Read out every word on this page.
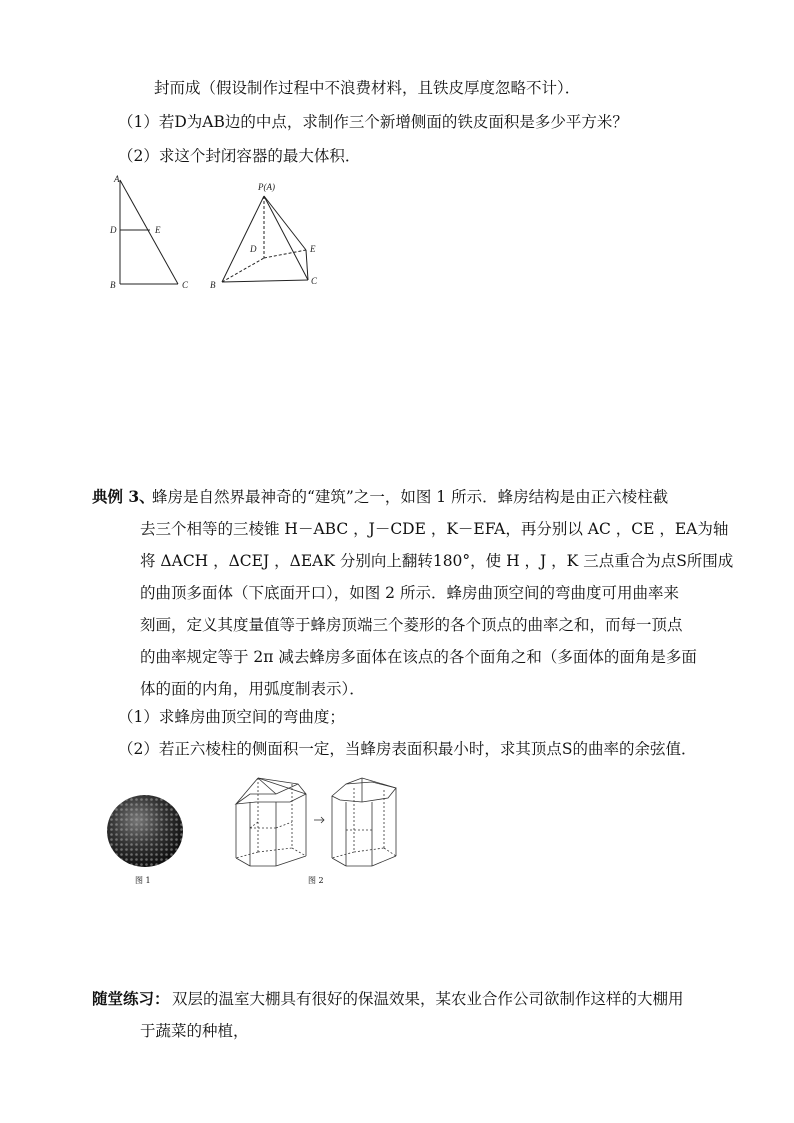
封而成（假设制作过程中不浪费材料，且铁皮厚度忽略不计）．
（1）若D为AB边的中点，求制作三个新增侧面的铁皮面积是多少平方米？
（2）求这个封闭容器的最大体积．
A
D	E
B	C
P(A)
D	E
B	C
典例 3、
蜂房是自然界最神奇的“建筑”之一，如图 1 所示．蜂房结构是由正六棱柱截
去三个相等的三棱锥 H－ABC ，J－CDE ，K－EFA，再分别以 AC ，CE ，EA为轴
将 ΔACH ，ΔCEJ ，ΔEAK 分别向上翻转180°，使 H ，J ，K 三点重合为点S所围成
的曲顶多面体（下底面开口），如图 2 所示．蜂房曲顶空间的弯曲度可用曲率来
刻画，定义其度量值等于蜂房顶端三个菱形的各个顶点的曲率之和，而每一顶点
的曲率规定等于 2π 减去蜂房多面体在该点的各个面角之和（多面体的面角是多面
体的面的内角，用弧度制表示）．
（1）求蜂房曲顶空间的弯曲度；
（2）若正六棱柱的侧面积一定，当蜂房表面积最小时，求其顶点S的曲率的余弦值．
图 1	图 2
随堂练习： 双层的温室大棚具有很好的保温效果，某农业合作公司欲制作这样的大棚用
于蔬菜的种植，
